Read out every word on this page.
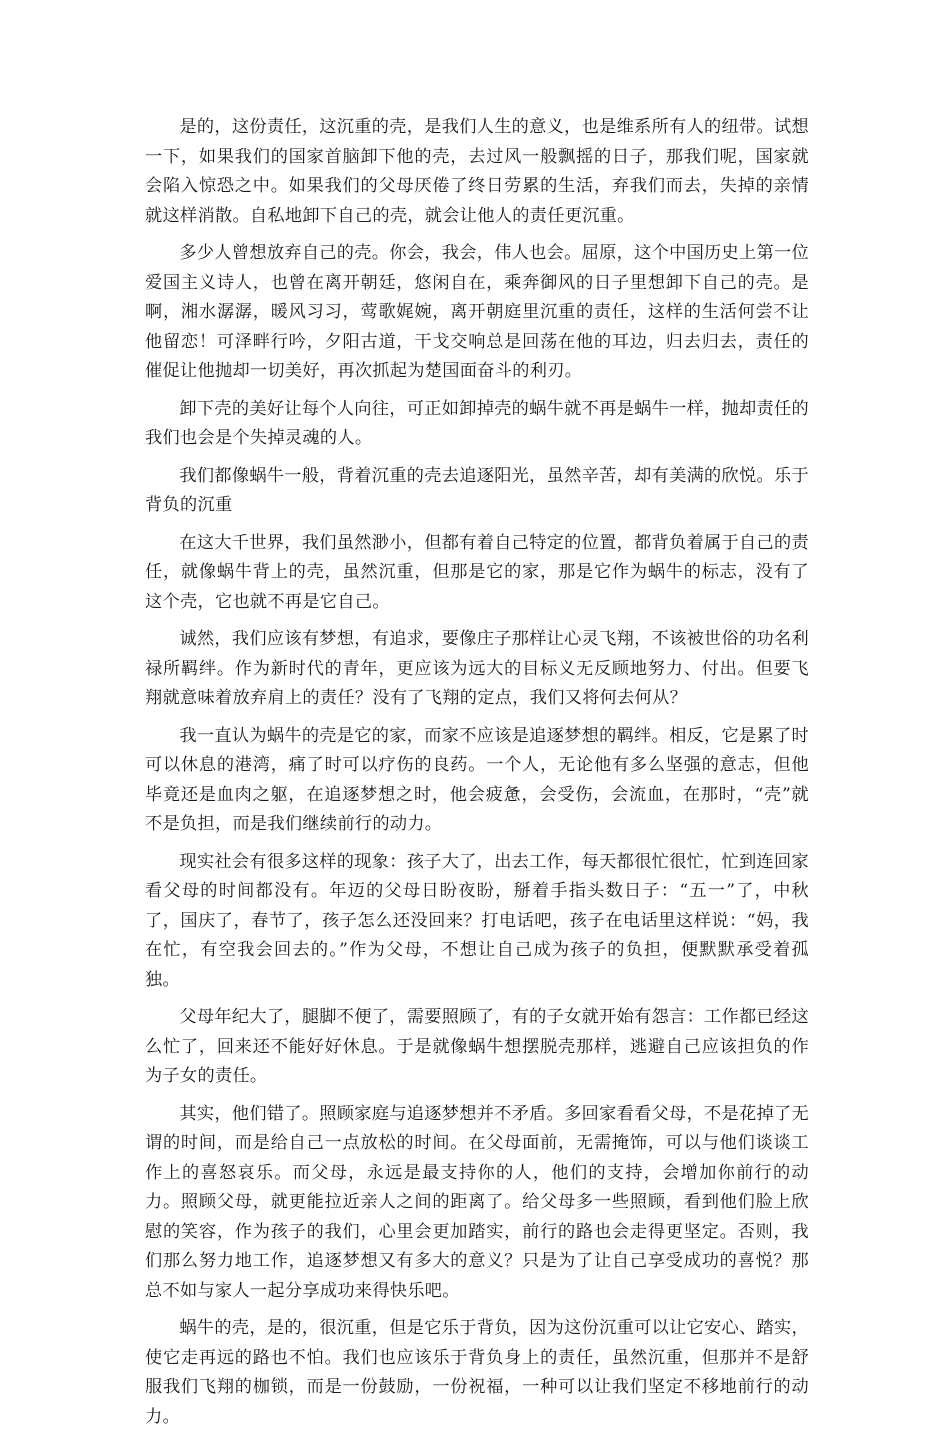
是的，这份责任，这沉重的壳，是我们人生的意义，也是维系所有人的纽带。试想一下，如果我们的国家首脑卸下他的壳，去过风一般飘摇的日子，那我们呢，国家就会陷入惊恐之中。如果我们的父母厌倦了终日劳累的生活，弃我们而去，失掉的亲情就这样消散。自私地卸下自己的壳，就会让他人的责任更沉重。

多少人曾想放弃自己的壳。你会，我会，伟人也会。屈原，这个中国历史上第一位爱国主义诗人，也曾在离开朝廷，悠闲自在，乘奔御风的日子里想卸下自己的壳。是啊，湘水潺潺，暖风习习，莺歌娓婉，离开朝庭里沉重的责任，这样的生活何尝不让他留恋！可泽畔行吟，夕阳古道，干戈交响总是回荡在他的耳边，归去归去，责任的催促让他抛却一切美好，再次抓起为楚国面奋斗的利刃。

卸下壳的美好让每个人向往，可正如卸掉壳的蜗牛就不再是蜗牛一样，抛却责任的我们也会是个失掉灵魂的人。

我们都像蜗牛一般，背着沉重的壳去追逐阳光，虽然辛苦，却有美满的欣悦。乐于背负的沉重

在这大千世界，我们虽然渺小，但都有着自己特定的位置，都背负着属于自己的责任，就像蜗牛背上的壳，虽然沉重，但那是它的家，那是它作为蜗牛的标志，没有了这个壳，它也就不再是它自己。

诚然，我们应该有梦想，有追求，要像庄子那样让心灵飞翔，不该被世俗的功名利禄所羁绊。作为新时代的青年，更应该为远大的目标义无反顾地努力、付出。但要飞翔就意味着放弃肩上的责任？没有了飞翔的定点，我们又将何去何从？

我一直认为蜗牛的壳是它的家，而家不应该是追逐梦想的羁绊。相反，它是累了时可以休息的港湾，痛了时可以疗伤的良药。一个人，无论他有多么坚强的意志，但他毕竟还是血肉之躯，在追逐梦想之时，他会疲惫，会受伤，会流血，在那时，“壳”就不是负担，而是我们继续前行的动力。

现实社会有很多这样的现象：孩子大了，出去工作，每天都很忙很忙，忙到连回家看父母的时间都没有。年迈的父母日盼夜盼，掰着手指头数日子：“五一”了，中秋了，国庆了，春节了，孩子怎么还没回来？打电话吧，孩子在电话里这样说：“妈，我在忙，有空我会回去的。”作为父母，不想让自己成为孩子的负担，便默默承受着孤独。

父母年纪大了，腿脚不便了，需要照顾了，有的子女就开始有怨言：工作都已经这么忙了，回来还不能好好休息。于是就像蜗牛想摆脱壳那样，逃避自己应该担负的作为子女的责任。

其实，他们错了。照顾家庭与追逐梦想并不矛盾。多回家看看父母，不是花掉了无谓的时间，而是给自己一点放松的时间。在父母面前，无需掩饰，可以与他们谈谈工作上的喜怒哀乐。而父母，永远是最支持你的人，他们的支持，会增加你前行的动力。照顾父母，就更能拉近亲人之间的距离了。给父母多一些照顾，看到他们脸上欣慰的笑容，作为孩子的我们，心里会更加踏实，前行的路也会走得更坚定。否则，我们那么努力地工作，追逐梦想又有多大的意义？只是为了让自己享受成功的喜悦？那总不如与家人一起分享成功来得快乐吧。

蜗牛的壳，是的，很沉重，但是它乐于背负，因为这份沉重可以让它安心、踏实，使它走再远的路也不怕。我们也应该乐于背负身上的责任，虽然沉重，但那并不是舒服我们飞翔的枷锁，而是一份鼓励，一份祝福，一种可以让我们坚定不移地前行的动力。
